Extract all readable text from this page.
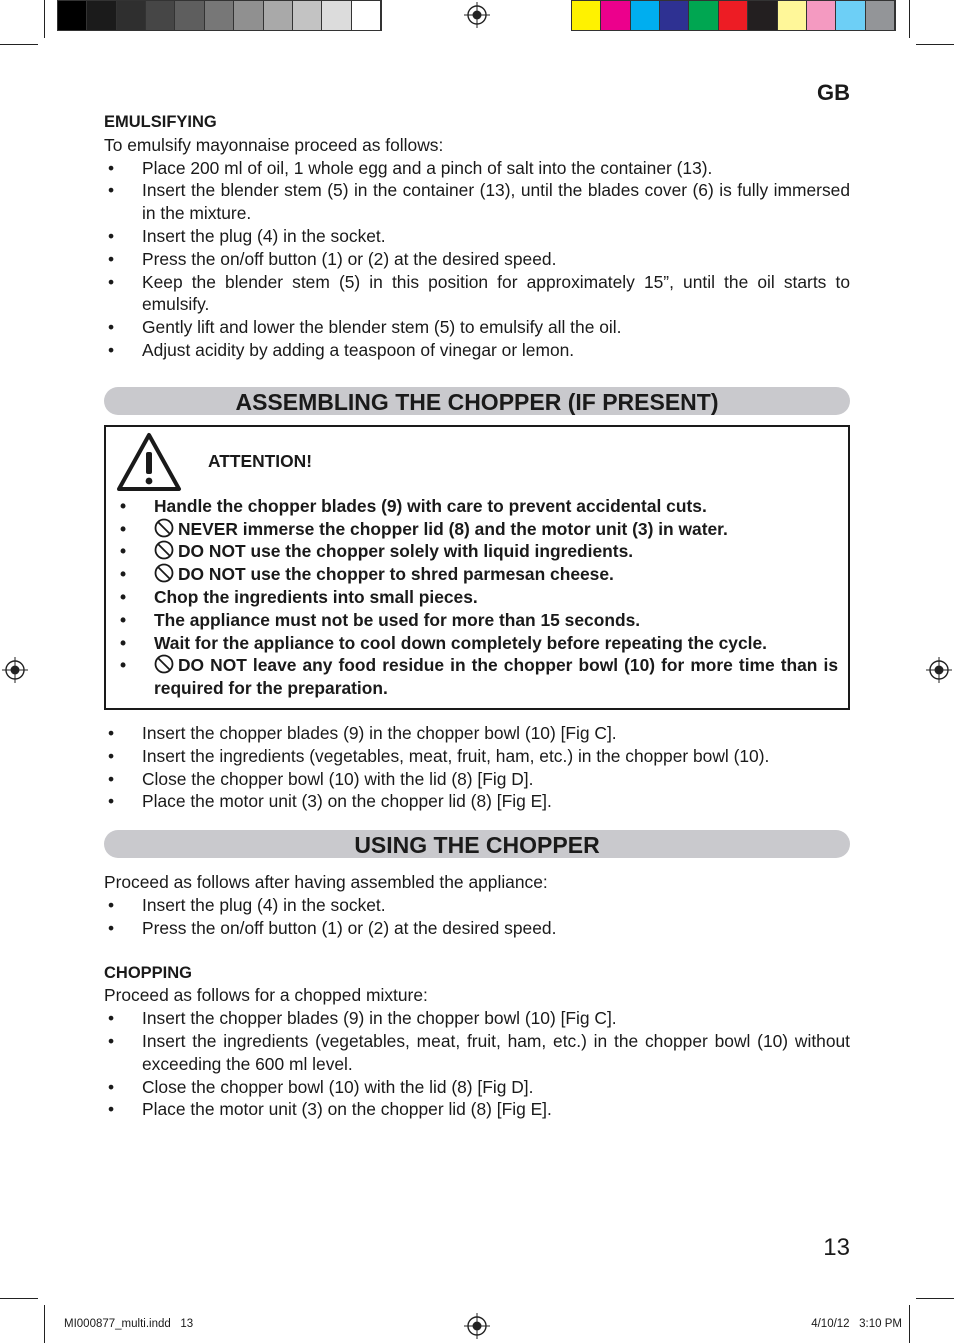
GB
EMULSIFYING
To emulsify mayonnaise proceed as follows:
• Place 200 ml of oil, 1 whole egg and a pinch of salt into the container (13).
• Insert the blender stem (5) in the container (13), until the blades cover (6) is fully immersed in the mixture.
• Insert the plug (4) in the socket.
• Press the on/off button (1) or (2) at the desired speed.
• Keep the blender stem (5) in this position for approximately 15”, until the oil starts to emulsify.
• Gently lift and lower the blender stem (5) to emulsify all the oil.
• Adjust acidity by adding a teaspoon of vinegar or lemon.
ASSEMBLING THE CHOPPER (IF PRESENT)
ATTENTION!
• Handle the chopper blades (9) with care to prevent accidental cuts.
• NEVER immerse the chopper lid (8) and the motor unit (3) in water.
• DO NOT use the chopper solely with liquid ingredients.
• DO NOT use the chopper to shred parmesan cheese.
• Chop the ingredients into small pieces.
• The appliance must not be used for more than 15 seconds.
• Wait for the appliance to cool down completely before repeating the cycle.
• DO NOT leave any food residue in the chopper bowl (10) for more time than is required for the preparation.
• Insert the chopper blades (9) in the chopper bowl (10) [Fig C].
• Insert the ingredients (vegetables, meat, fruit, ham, etc.) in the chopper bowl (10).
• Close the chopper bowl (10) with the lid (8) [Fig D].
• Place the motor unit (3) on the chopper lid (8) [Fig E].
USING THE CHOPPER
Proceed as follows after having assembled the appliance:
• Insert the plug (4) in the socket.
• Press the on/off button (1) or (2) at the desired speed.
CHOPPING
Proceed as follows for a chopped mixture:
• Insert the chopper blades (9) in the chopper bowl (10) [Fig C].
• Insert the ingredients (vegetables, meat, fruit, ham, etc.) in the chopper bowl (10) without exceeding the 600 ml level.
• Close the chopper bowl (10) with the lid (8) [Fig D].
• Place the motor unit (3) on the chopper lid (8) [Fig E].
13
MI000877_multi.indd   13	4/10/12   3:10 PM
